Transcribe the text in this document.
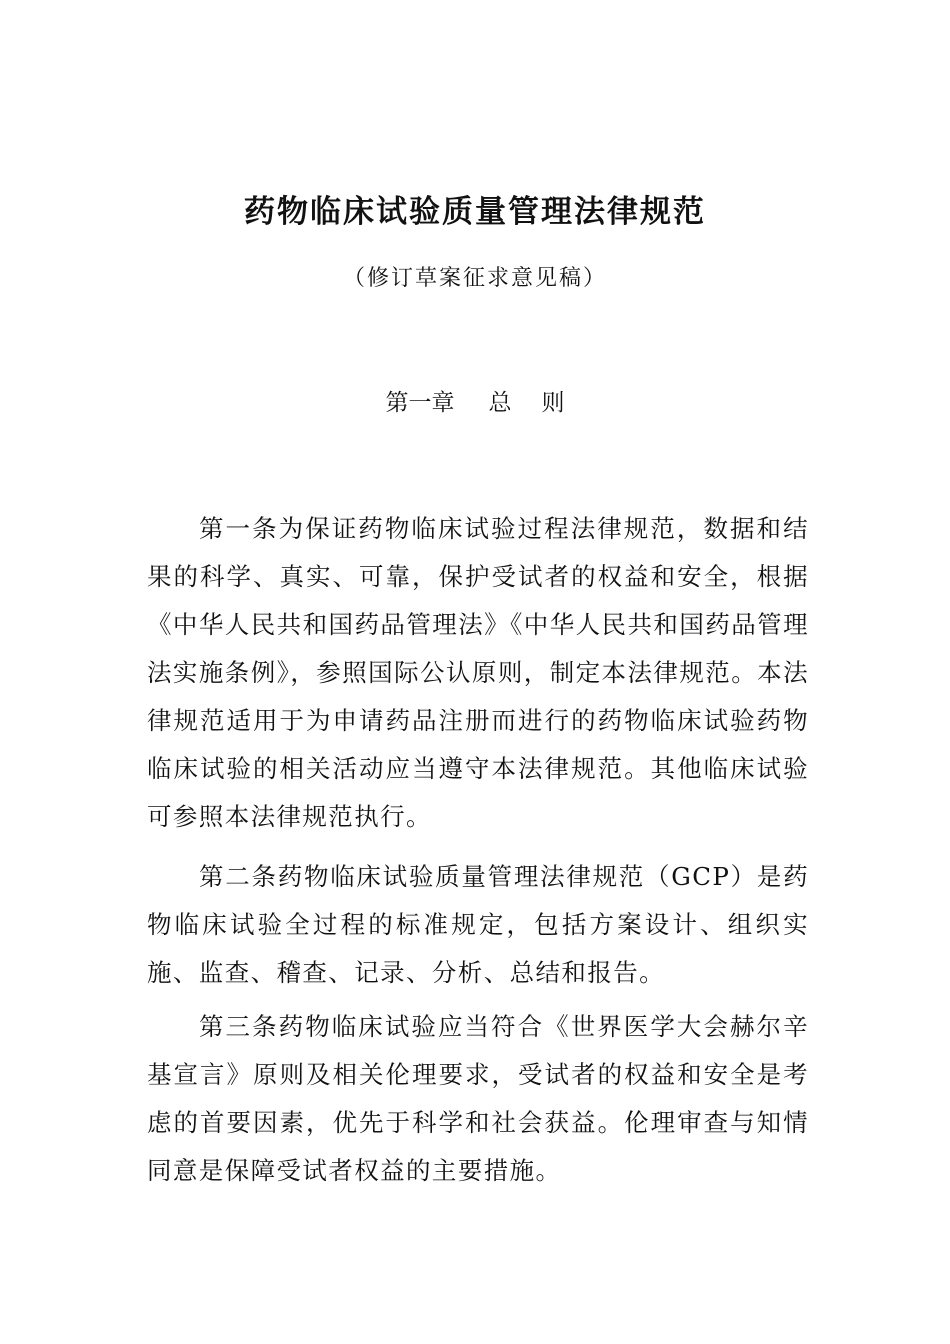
药物临床试验质量管理法律规范

（修订草案征求意见稿）

第一章 总 则

第一条为保证药物临床试验过程法律规范，数据和结果的科学、真实、可靠，保护受试者的权益和安全，根据《中华人民共和国药品管理法》《中华人民共和国药品管理法实施条例》，参照国际公认原则，制定本法律规范。本法律规范适用于为申请药品注册而进行的药物临床试验药物临床试验的相关活动应当遵守本法律规范。其他临床试验可参照本法律规范执行。

第二条药物临床试验质量管理法律规范（GCP）是药物临床试验全过程的标准规定，包括方案设计、组织实施、监查、稽查、记录、分析、总结和报告。

第三条药物临床试验应当符合《世界医学大会赫尔辛基宣言》原则及相关伦理要求，受试者的权益和安全是考虑的首要因素，优先于科学和社会获益。伦理审查与知情同意是保障受试者权益的主要措施。
